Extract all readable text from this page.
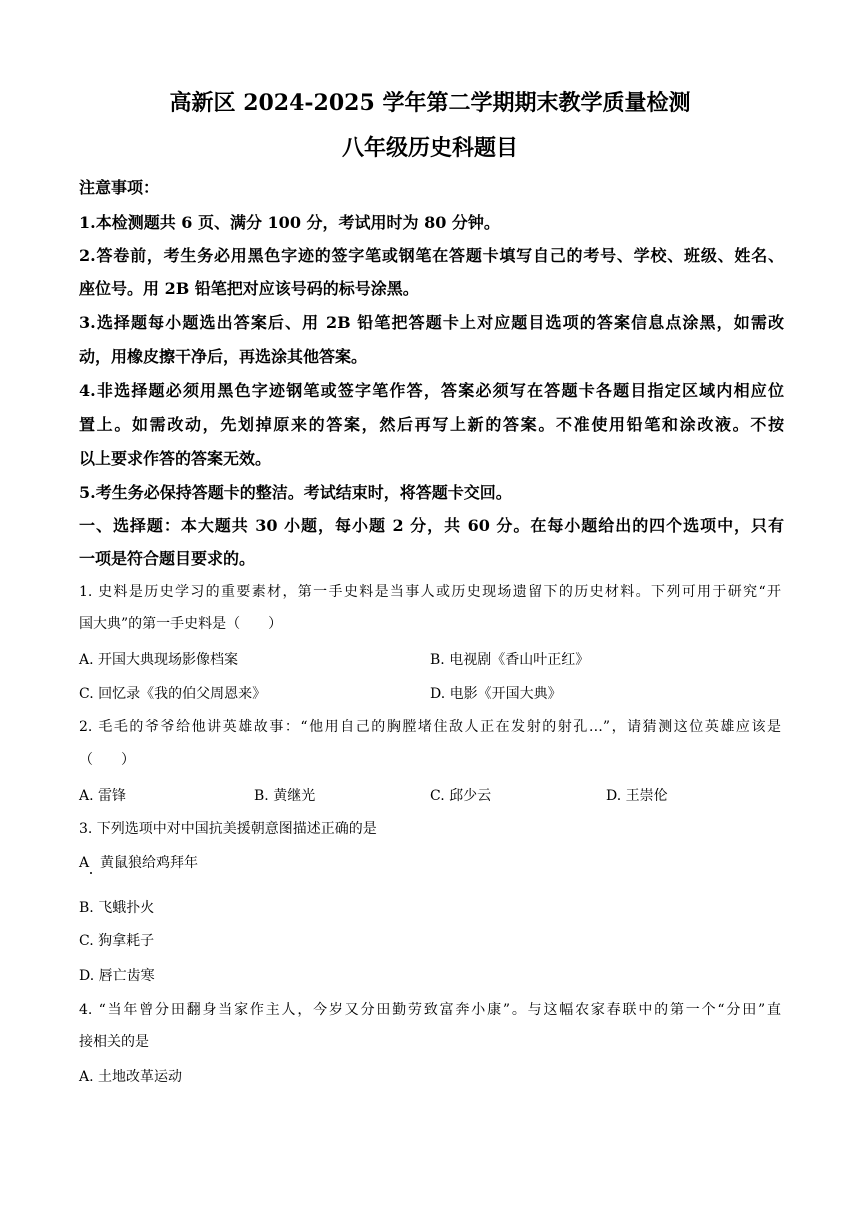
高新区 2024-2025 学年第二学期期末教学质量检测
八年级历史科题目
注意事项：
1.本检测题共 6 页、满分 100 分，考试用时为 80 分钟。
2.答卷前，考生务必用黑色字迹的签字笔或钢笔在答题卡填写自己的考号、学校、班级、姓名、
座位号。用 2B 铅笔把对应该号码的标号涂黑。
3.选择题每小题选出答案后、用 2B 铅笔把答题卡上对应题目选项的答案信息点涂黑，如需改
动，用橡皮擦干净后，再选涂其他答案。
4.非选择题必须用黑色字迹钢笔或签字笔作答，答案必须写在答题卡各题目指定区域内相应位
置上。如需改动，先划掉原来的答案，然后再写上新的答案。不准使用铅笔和涂改液。不按
以上要求作答的答案无效。
5.考生务必保持答题卡的整洁。考试结束时，将答题卡交回。
一、选择题：本大题共 30 小题，每小题 2 分，共 60 分。在每小题给出的四个选项中，只有
一项是符合题目要求的。
1. 史料是历史学习的重要素材，第一手史料是当事人或历史现场遗留下的历史材料。下列可用于研究“开
国大典”的第一手史料是（　　）
A. 开国大典现场影像档案	B. 电视剧《香山叶正红》
C. 回忆录《我的伯父周恩来》	D. 电影《开国大典》
2. 毛毛的爷爷给他讲英雄故事：“他用自己的胸膛堵住敌人正在发射的射孔…”，请猜测这位英雄应该是
（　　）
A. 雷锋	B. 黄继光	C. 邱少云	D. 王崇伦
3. 下列选项中对中国抗美援朝意图描述正确的是
A 黄鼠狼给鸡拜年
B. 飞蛾扑火
C. 狗拿耗子
D. 唇亡齿寒
4. “当年曾分田翻身当家作主人，今岁又分田勤劳致富奔小康”。与这幅农家春联中的第一个“分田”直
接相关的是
A. 土地改革运动
